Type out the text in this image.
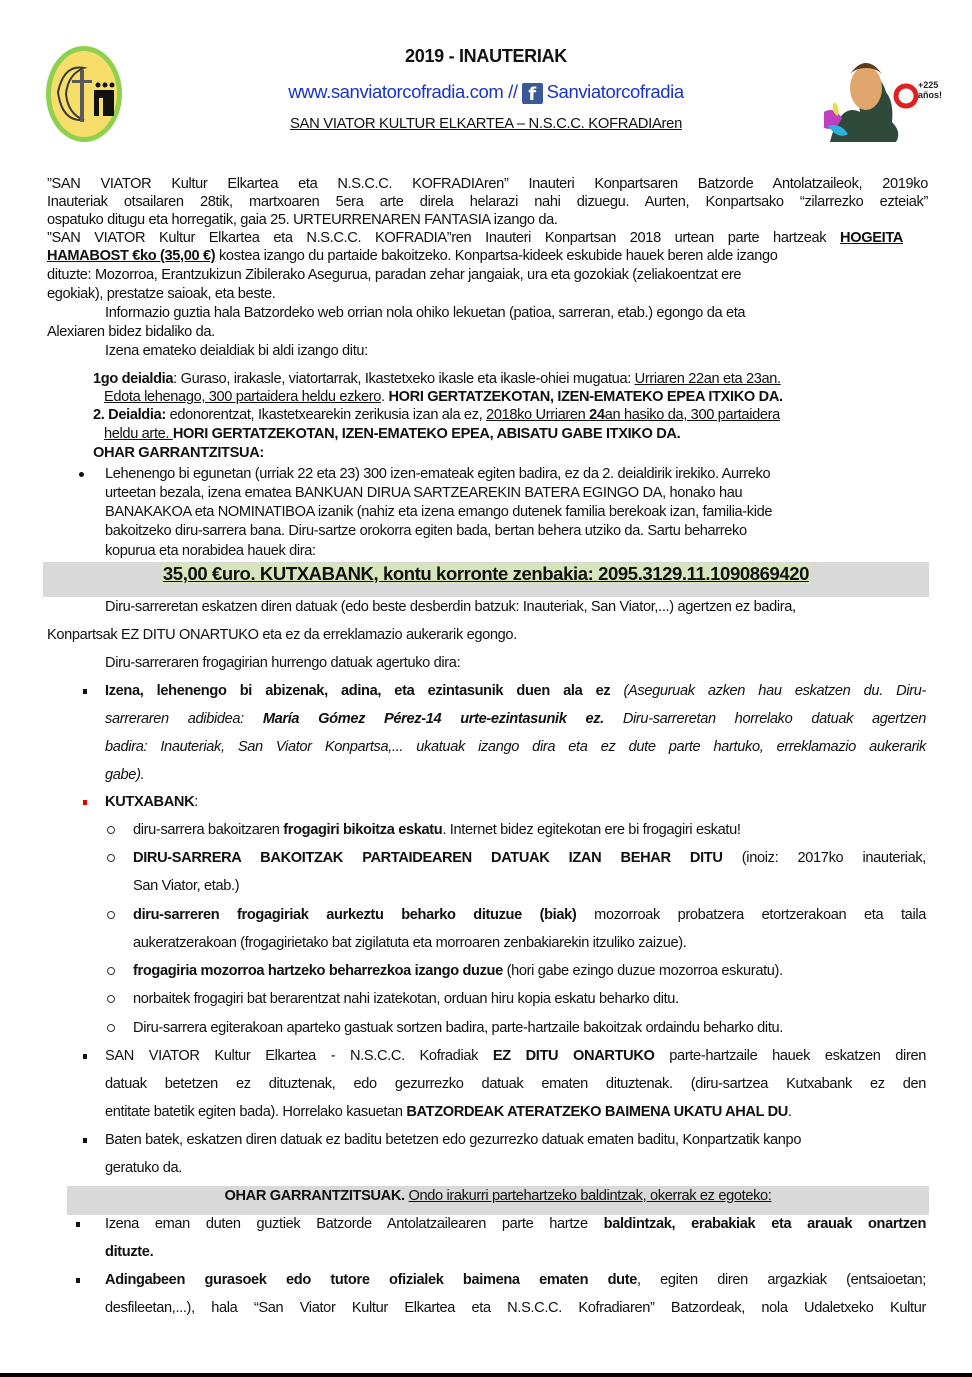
+225 años!
2019 - INAUTERIAK
www.sanviatorcofradia.com // f Sanviatorcofradia
SAN VIATOR KULTUR ELKARTEA – N.S.C.C. KOFRADIAren
”SAN VIATOR Kultur Elkartea eta N.S.C.C. KOFRADIAren” Inauteri Konpartsaren Batzorde Antolatzaileok, 2019ko
Inauteriak otsailaren 28tik, martxoaren 5era arte direla helarazi nahi dizuegu. Aurten, Konpartsako “zilarrezko ezteiak”
ospatuko ditugu eta horregatik, gaia 25. URTEURRENAREN FANTASIA izango da.
”SAN VIATOR Kultur Elkartea eta N.S.C.C. KOFRADIA”ren Inauteri Konpartsan 2018 urtean parte hartzeak HOGEITA
HAMABOST €ko (35,00 €) kostea izango du partaide bakoitzeko. Konpartsa-kideek eskubide hauek beren alde izango
dituzte: Mozorroa, Erantzukizun Zibilerako Asegurua, paradan zehar jangaiak, ura eta gozokiak (zeliakoentzat ere
egokiak), prestatze saioak, eta beste.
Informazio guztia hala Batzordeko web orrian nola ohiko lekuetan (patioa, sarreran, etab.) egongo da eta
Alexiaren bidez bidaliko da.
Izena emateko deialdiak bi aldi izango ditu:
1go deialdia: Guraso, irakasle, viatortarrak, Ikastetxeko ikasle eta ikasle-ohiei mugatua: Urriaren 22an eta 23an.
Edota lehenago, 300 partaidera heldu ezkero. HORI GERTATZEKOTAN, IZEN-EMATEKO EPEA ITXIKO DA.
2. Deialdia: edonorentzat, Ikastetxearekin zerikusia izan ala ez, 2018ko Urriaren 24an hasiko da, 300 partaidera
heldu arte. HORI GERTATZEKOTAN, IZEN-EMATEKO EPEA, ABISATU GABE ITXIKO DA.
OHAR GARRANTZITSUA:
Lehenengo bi egunetan (urriak 22 eta 23) 300 izen-emateak egiten badira, ez da 2. deialdirik irekiko. Aurreko
urteetan bezala, izena ematea BANKUAN DIRUA SARTZEAREKIN BATERA EGINGO DA, honako hau
BANAKAKOA eta NOMINATIBOA izanik (nahiz eta izena emango dutenek familia berekoak izan, familia-kide
bakoitzeko diru-sarrera bana. Diru-sartze orokorra egiten bada, bertan behera utziko da. Sartu beharreko
kopurua eta norabidea hauek dira:
35,00 €uro. KUTXABANK, kontu korronte zenbakia: 2095.3129.11.1090869420
Diru-sarreretan eskatzen diren datuak (edo beste desberdin batzuk: Inauteriak, San Viator,...) agertzen ez badira,
Konpartsak EZ DITU ONARTUKO eta ez da erreklamazio aukerarik egongo.
Diru-sarreraren frogagirian hurrengo datuak agertuko dira:
Izena, lehenengo bi abizenak, adina, eta ezintasunik duen ala ez (Aseguruak azken hau eskatzen du. Diru-
sarreraren adibidea: María Gómez Pérez-14 urte-ezintasunik ez. Diru-sarreretan horrelako datuak agertzen
badira: Inauteriak, San Viator Konpartsa,... ukatuak izango dira eta ez dute parte hartuko, erreklamazio aukerarik
gabe).
KUTXABANK:
diru-sarrera bakoitzaren frogagiri bikoitza eskatu. Internet bidez egitekotan ere bi frogagiri eskatu!
DIRU-SARRERA BAKOITZAK PARTAIDEAREN DATUAK IZAN BEHAR DITU (inoiz: 2017ko inauteriak,
San Viator, etab.)
diru-sarreren frogagiriak aurkeztu beharko dituzue (biak) mozorroak probatzera etortzerakoan eta taila
aukeratzerakoan (frogagirietako bat zigilatuta eta morroaren zenbakiarekin itzuliko zaizue).
frogagiria mozorroa hartzeko beharrezkoa izango duzue (hori gabe ezingo duzue mozorroa eskuratu).
norbaitek frogagiri bat berarentzat nahi izatekotan, orduan hiru kopia eskatu beharko ditu.
Diru-sarrera egiterakoan aparteko gastuak sortzen badira, parte-hartzaile bakoitzak ordaindu beharko ditu.
SAN VIATOR Kultur Elkartea - N.S.C.C. Kofradiak EZ DITU ONARTUKO parte-hartzaile hauek eskatzen diren
datuak betetzen ez dituztenak, edo gezurrezko datuak ematen dituztenak. (diru-sartzea Kutxabank ez den
entitate batetik egiten bada). Horrelako kasuetan BATZORDEAK ATERATZEKO BAIMENA UKATU AHAL DU.
Baten batek, eskatzen diren datuak ez baditu betetzen edo gezurrezko datuak ematen baditu, Konpartzatik kanpo
geratuko da.
OHAR GARRANTZITSUAK. Ondo irakurri partehartzeko baldintzak, okerrak ez egoteko:
Izena eman duten guztiek Batzorde Antolatzailearen parte hartze baldintzak, erabakiak eta arauak onartzen
dituzte.
Adingabeen gurasoek edo tutore ofizialek baimena ematen dute, egiten diren argazkiak (entsaioetan;
desfileetan,...), hala “San Viator Kultur Elkartea eta N.S.C.C. Kofradiaren” Batzordeak, nola Udaletxeko Kultur
